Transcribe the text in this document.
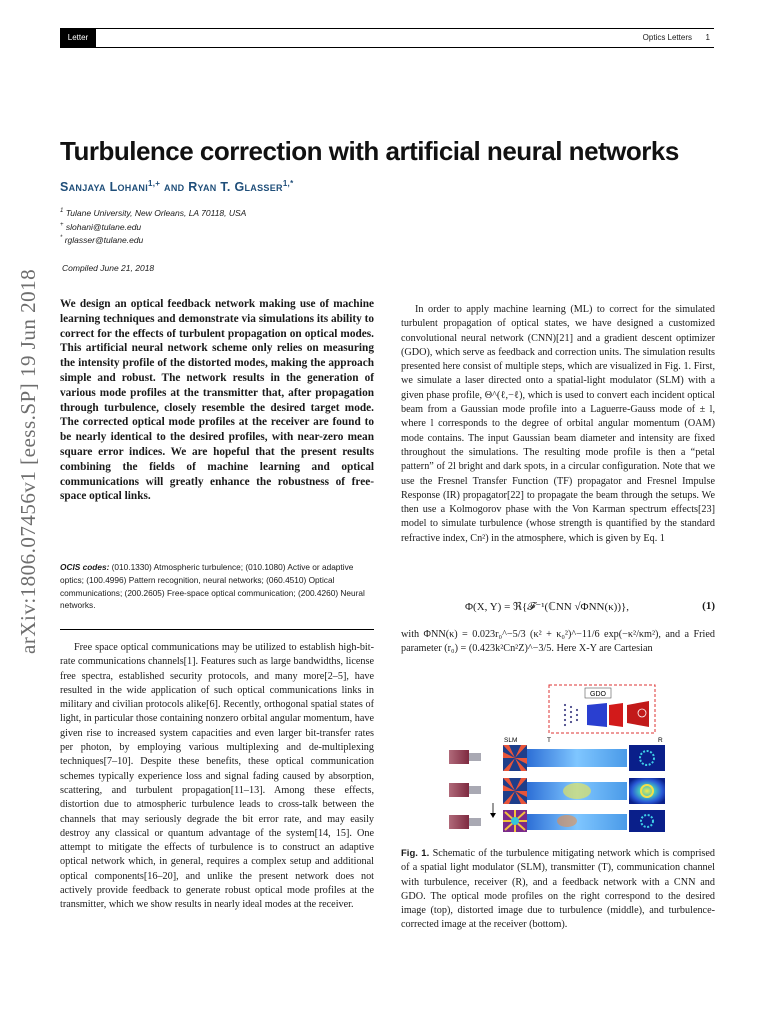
Letter	Optics Letters 1
arXiv:1806.07456v1 [eess.SP] 19 Jun 2018
Turbulence correction with artificial neural networks
Sanjaya Lohani$^{1,+}$ and Ryan T. Glasser$^{1,*}$
$^1$ Tulane University, New Orleans, LA 70118, USA
+ slohani@tulane.edu
* rglasser@tulane.edu
Compiled June 21, 2018
We design an optical feedback network making use of machine learning techniques and demonstrate via simulations its ability to correct for the effects of turbulent propagation on optical modes. This artificial neural network scheme only relies on measuring the intensity profile of the distorted modes, making the approach simple and robust. The network results in the generation of various mode profiles at the transmitter that, after propagation through turbulence, closely resemble the desired target mode. The corrected optical mode profiles at the receiver are found to be nearly identical to the desired profiles, with near-zero mean square error indices. We are hopeful that the present results combining the fields of machine learning and optical communications will greatly enhance the robustness of free-space optical links.
OCIS codes: (010.1330) Atmospheric turbulence; (010.1080) Active or adaptive optics; (100.4996) Pattern recognition, neural networks; (060.4510) Optical communications; (200.2605) Free-space optical communication; (200.4260) Neural networks.
Free space optical communications may be utilized to establish high-bit-rate communications channels[1]. Features such as large bandwidths, license free spectra, established security protocols, and many more[2–5], have resulted in the wide application of such optical communications links in military and civilian protocols alike[6]. Recently, orthogonal spatial states of light, in particular those containing nonzero orbital angular momentum, have given rise to increased system capacities and even larger bit-transfer rates per photon, by employing various multiplexing and de-multiplexing techniques[7–10]. Despite these benefits, these optical communication schemes typically experience loss and signal fading caused by absorption, scattering, and turbulent propagation[11–13]. Among these effects, distortion due to atmospheric turbulence leads to cross-talk between the channels that may seriously degrade the bit error rate, and may easily destroy any classical or quantum advantage of the system[14, 15]. One attempt to mitigate the effects of turbulence is to construct an adaptive optical network which, in general, requires a complex setup and additional optical components[16–20], and unlike the present network does not actively provide feedback to generate robust optical mode profiles at the transmitter, which we show results in nearly ideal modes at the receiver.
In order to apply machine learning (ML) to correct for the simulated turbulent propagation of optical states, we have designed a customized convolutional neural network (CNN)[21] and a gradient descent optimizer (GDO), which serve as feedback and correction units. The simulation results presented here consist of multiple steps, which are visualized in Fig. 1. First, we simulate a laser directed onto a spatial-light modulator (SLM) with a given phase profile, Θ^(ℓ,−ℓ), which is used to convert each incident optical beam from a Gaussian mode profile into a Laguerre-Gauss mode of ± l, where l corresponds to the degree of orbital angular momentum (OAM) mode contains. The input Gaussian beam diameter and intensity are fixed throughout the simulations. The resulting mode profile is then a “petal pattern” of 2l bright and dark spots, in a circular configuration. Note that we use the Fresnel Transfer Function (TF) propagator and Fresnel Impulse Response (IR) propagator[22] to propagate the beam through the setups. We then use a Kolmogorov phase with the Von Karman spectrum effects[23] model to simulate turbulence (whose strength is quantified by the standard refractive index, Cn²) in the atmosphere, which is given by Eq. 1
Φ(X, Y) = ℜ{𝓕⁻¹(ℂNN √ΦNN(κ))},	(1)
with ΦNN(κ) = 0.023r₀^−5/3 (κ² + κ₀²)^−11/6 exp(−κ²/κm²), and a Fried parameter (r₀) = (0.423k²Cn²Z)^−3/5. Here X-Y are Cartesian
GDO
SLM	T	R
Fig. 1. Schematic of the turbulence mitigating network which is comprised of a spatial light modulator (SLM), transmitter (T), communication channel with turbulence, receiver (R), and a feedback network with a CNN and GDO. The optical mode profiles on the right correspond to the desired image (top), distorted image due to turbulence (middle), and turbulence-corrected image at the receiver (bottom).
